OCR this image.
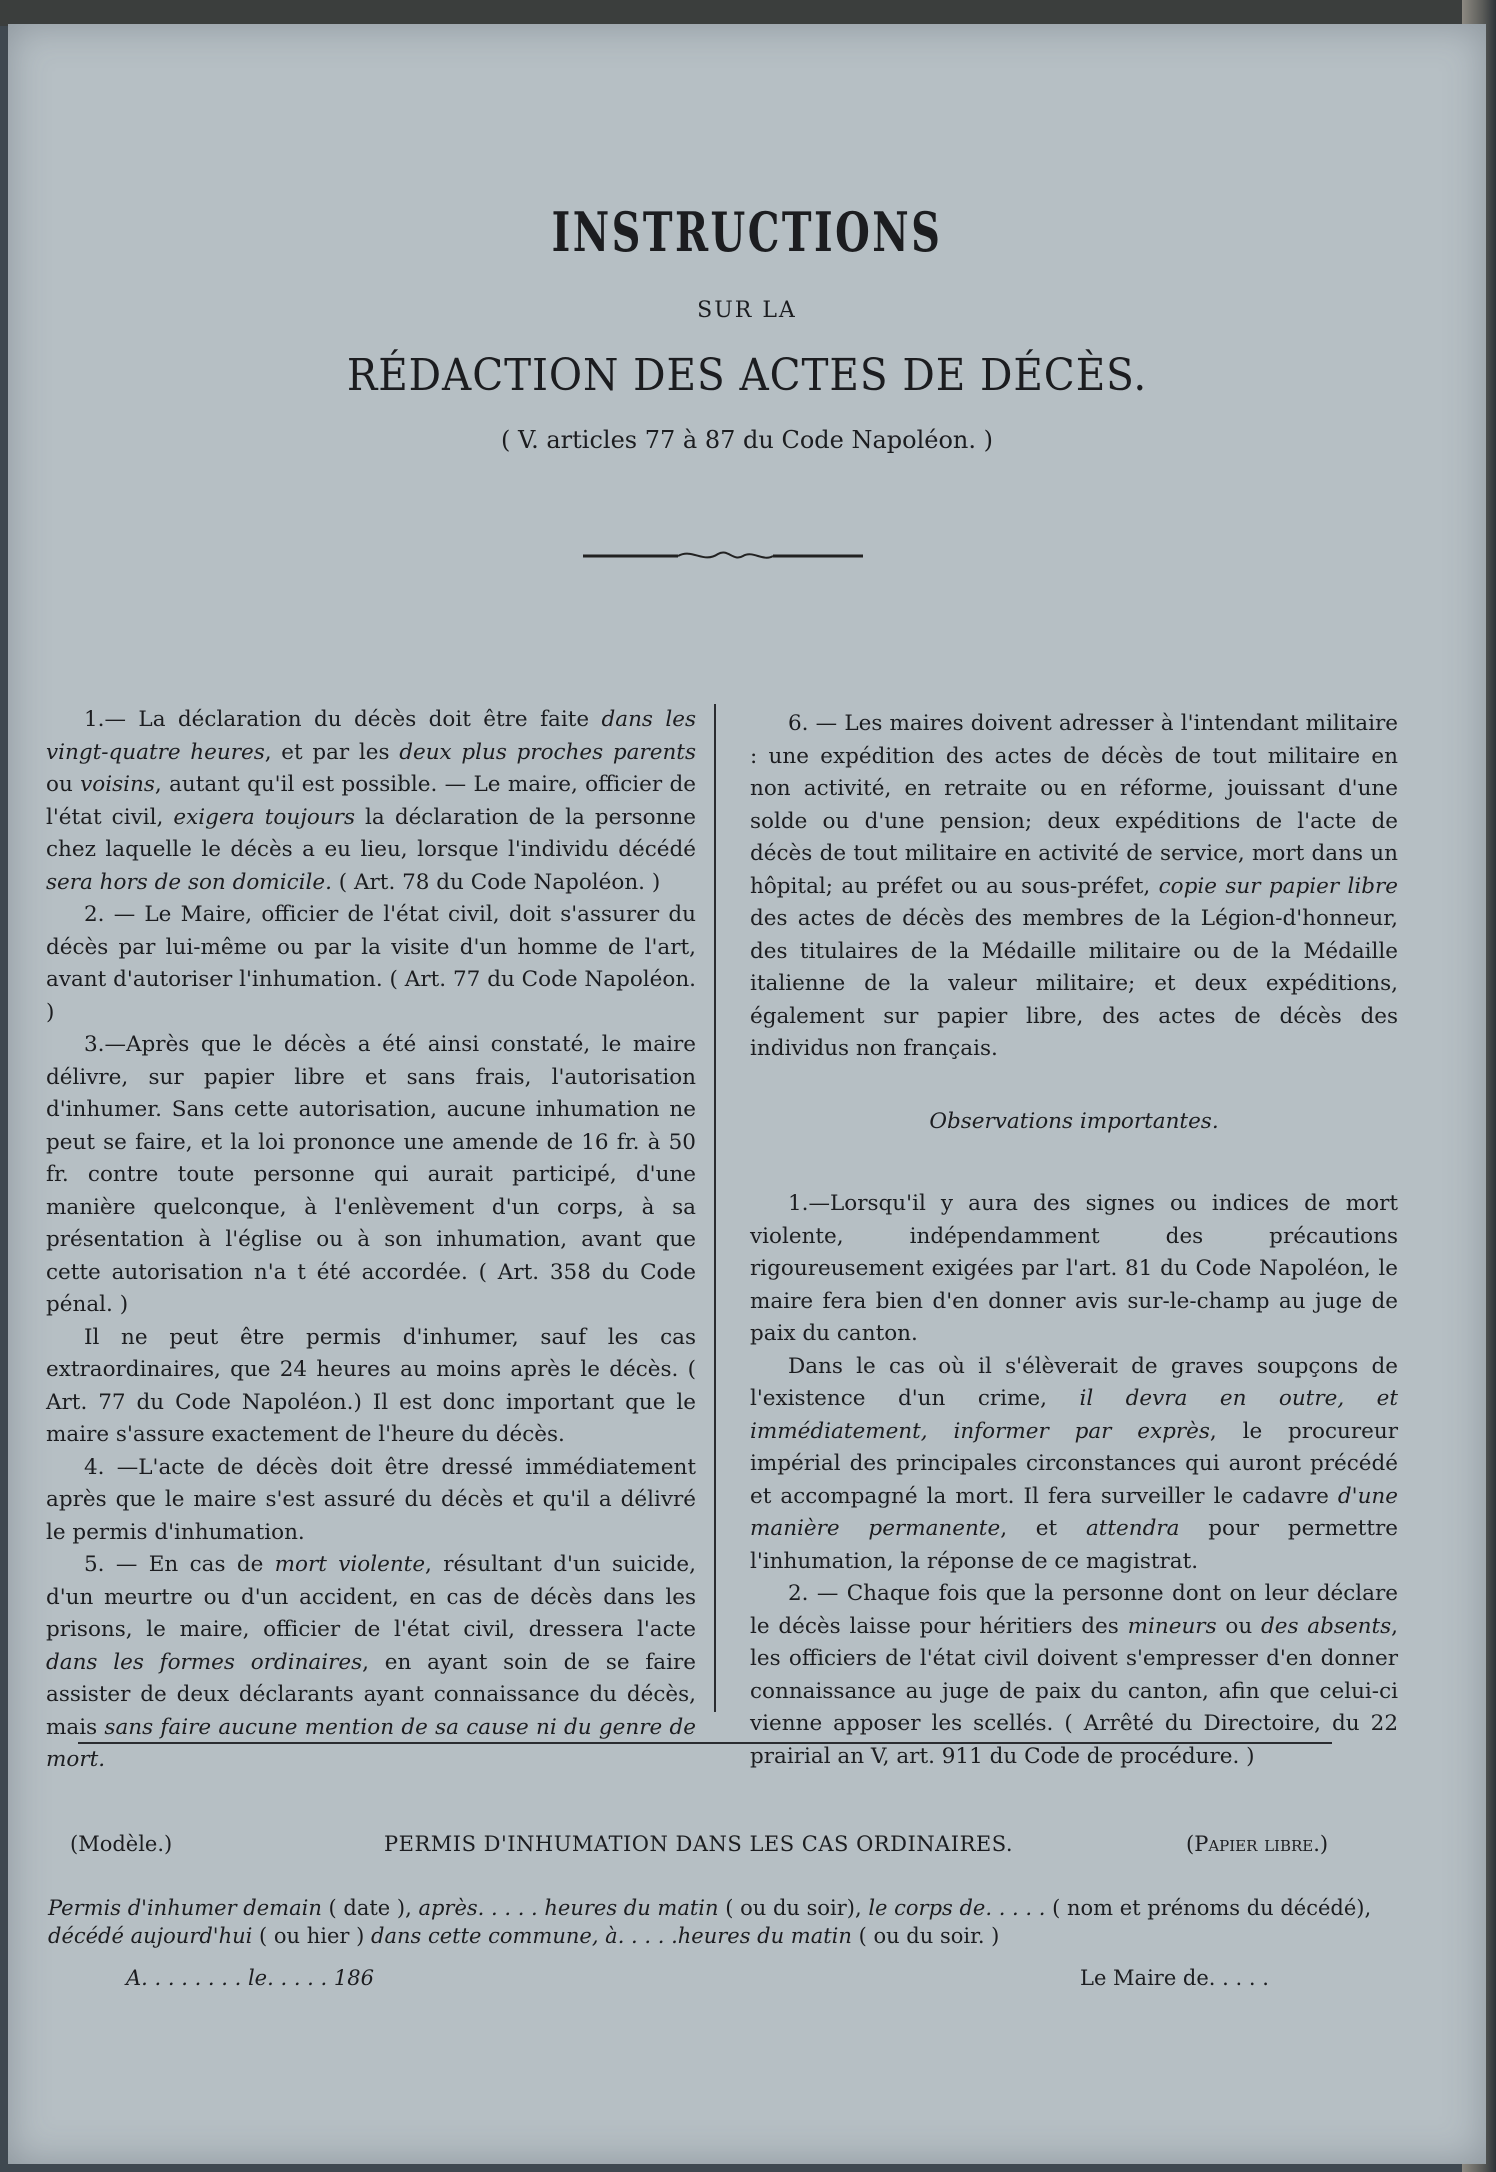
INSTRUCTIONS
SUR LA
RÉDACTION DES ACTES DE DÉCÈS.
( V. articles 77 à 87 du Code Napoléon. )

1.— La déclaration du décès doit être faite dans les vingt-quatre heures, et par les deux plus proches parents ou voisins, autant qu'il est possible. — Le maire, officier de l'état civil, exigera toujours la déclaration de la personne chez laquelle le décès a eu lieu, lorsque l'individu décédé sera hors de son domicile. ( Art. 78 du Code Napoléon. )

2. — Le Maire, officier de l'état civil, doit s'assurer du décès par lui-même ou par la visite d'un homme de l'art, avant d'autoriser l'inhumation. ( Art. 77 du Code Napoléon. )

3.—Après que le décès a été ainsi constaté, le maire délivre, sur papier libre et sans frais, l'autorisation d'inhumer. Sans cette autorisation, aucune inhumation ne peut se faire, et la loi prononce une amende de 16 fr. à 50 fr. contre toute personne qui aurait participé, d'une manière quelconque, à l'enlèvement d'un corps, à sa présentation à l'église ou à son inhumation, avant que cette autorisation n'a t été accordée. ( Art. 358 du Code pénal. )

Il ne peut être permis d'inhumer, sauf les cas extraordinaires, que 24 heures au moins après le décès. ( Art. 77 du Code Napoléon.) Il est donc important que le maire s'assure exactement de l'heure du décès.

4. —L'acte de décès doit être dressé immédiatement après que le maire s'est assuré du décès et qu'il a délivré le permis d'inhumation.

5. — En cas de mort violente, résultant d'un suicide, d'un meurtre ou d'un accident, en cas de décès dans les prisons, le maire, officier de l'état civil, dressera l'acte dans les formes ordinaires, en ayant soin de se faire assister de deux déclarants ayant connaissance du décès, mais sans faire aucune mention de sa cause ni du genre de mort.

6. — Les maires doivent adresser à l'intendant militaire : une expédition des actes de décès de tout militaire en non activité, en retraite ou en réforme, jouissant d'une solde ou d'une pension; deux expéditions de l'acte de décès de tout militaire en activité de service, mort dans un hôpital; au préfet ou au sous-préfet, copie sur papier libre des actes de décès des membres de la Légion-d'honneur, des titulaires de la Médaille militaire ou de la Médaille italienne de la valeur militaire; et deux expéditions, également sur papier libre, des actes de décès des individus non français.

Observations importantes.

1.—Lorsqu'il y aura des signes ou indices de mort violente, indépendamment des précautions rigoureusement exigées par l'art. 81 du Code Napoléon, le maire fera bien d'en donner avis sur-le-champ au juge de paix du canton.

Dans le cas où il s'élèverait de graves soupçons de l'existence d'un crime, il devra en outre, et immédiatement, informer par exprès, le procureur impérial des principales circonstances qui auront précédé et accompagné la mort. Il fera surveiller le cadavre d'une manière permanente, et attendra pour permettre l'inhumation, la réponse de ce magistrat.

2. — Chaque fois que la personne dont on leur déclare le décès laisse pour héritiers des mineurs ou des absents, les officiers de l'état civil doivent s'empresser d'en donner connaissance au juge de paix du canton, afin que celui-ci vienne apposer les scellés. ( Arrêté du Directoire, du 22 prairial an V, art. 911 du Code de procédure. )

(Modèle.)	PERMIS D'INHUMATION DANS LES CAS ORDINAIRES.	(Papier libre.)
Permis d'inhumer demain ( date ), après. . . . . heures du matin ( ou du soir), le corps de. . . . . ( nom et prénoms du décédé), décédé aujourd'hui ( ou hier ) dans cette commune, à. . . . .heures du matin ( ou du soir. )
A. . . . . . . . le. . . . . 186	Le Maire de. . . . .
